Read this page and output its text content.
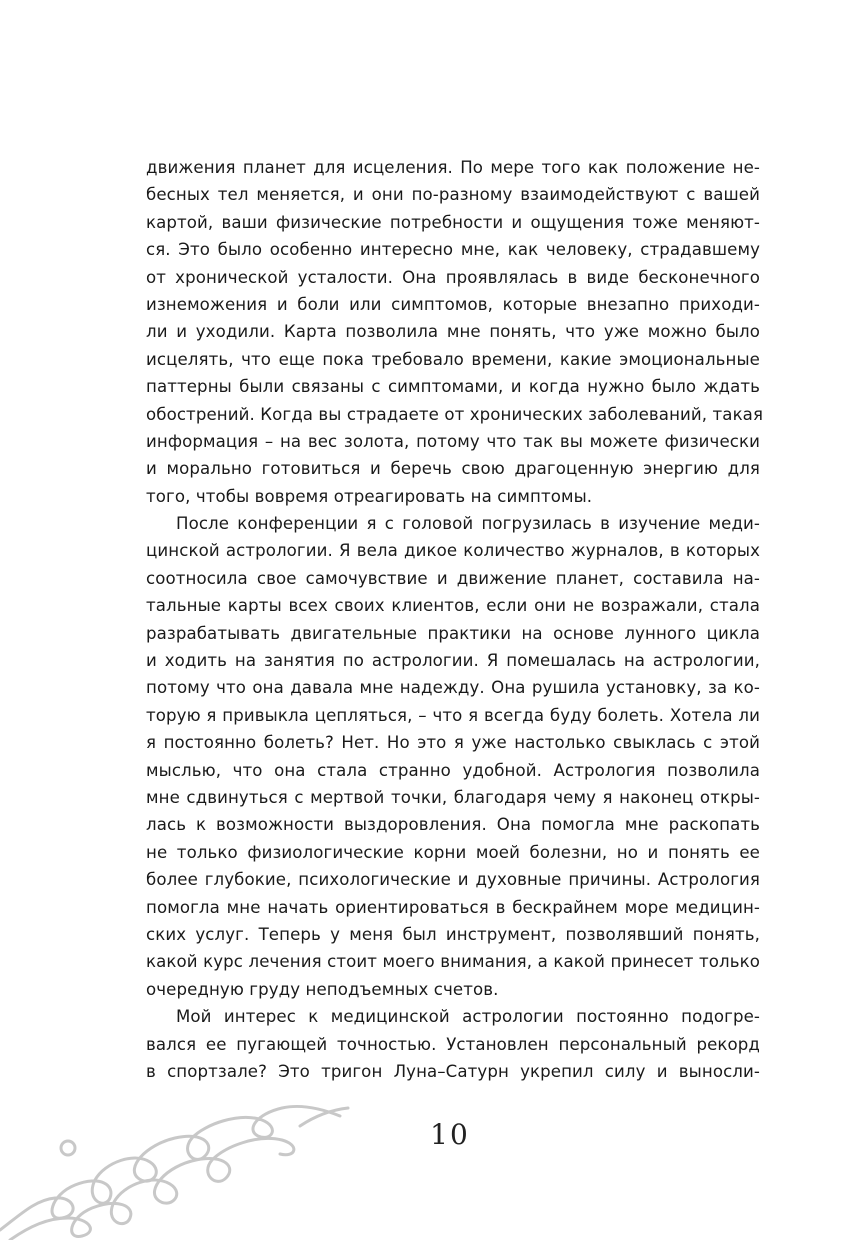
движения планет для исцеления. По мере того как положение не-
бесных тел меняется, и они по-разному взаимодействуют с вашей
картой, ваши физические потребности и ощущения тоже меняют-
ся. Это было особенно интересно мне, как человеку, страдавшему
от хронической усталости. Она проявлялась в виде бесконечного
изнеможения и боли или симптомов, которые внезапно приходи-
ли и уходили. Карта позволила мне понять, что уже можно было
исцелять, что еще пока требовало времени, какие эмоциональные
паттерны были связаны с симптомами, и когда нужно было ждать
обострений. Когда вы страдаете от хронических заболеваний, такая
информация – на вес золота, потому что так вы можете физически
и морально готовиться и беречь свою драгоценную энергию для
того, чтобы вовремя отреагировать на симптомы.
После конференции я с головой погрузилась в изучение меди-
цинской астрологии. Я вела дикое количество журналов, в которых
соотносила свое самочувствие и движение планет, составила на-
тальные карты всех своих клиентов, если они не возражали, стала
разрабатывать двигательные практики на основе лунного цикла
и ходить на занятия по астрологии. Я помешалась на астрологии,
потому что она давала мне надежду. Она рушила установку, за ко-
торую я привыкла цепляться, – что я всегда буду болеть. Хотела ли
я постоянно болеть? Нет. Но это я уже настолько свыклась с этой
мыслью, что она стала странно удобной. Астрология позволила
мне сдвинуться с мертвой точки, благодаря чему я наконец откры-
лась к возможности выздоровления. Она помогла мне раскопать
не только физиологические корни моей болезни, но и понять ее
более глубокие, психологические и духовные причины. Астрология
помогла мне начать ориентироваться в бескрайнем море медицин-
ских услуг. Теперь у меня был инструмент, позволявший понять,
какой курс лечения стоит моего внимания, а какой принесет только
очередную груду неподъемных счетов.
Мой интерес к медицинской астрологии постоянно подогре-
вался ее пугающей точностью. Установлен персональный рекорд
в спортзале? Это тригон Луна–Сатурн укрепил силу и выносли-
10
